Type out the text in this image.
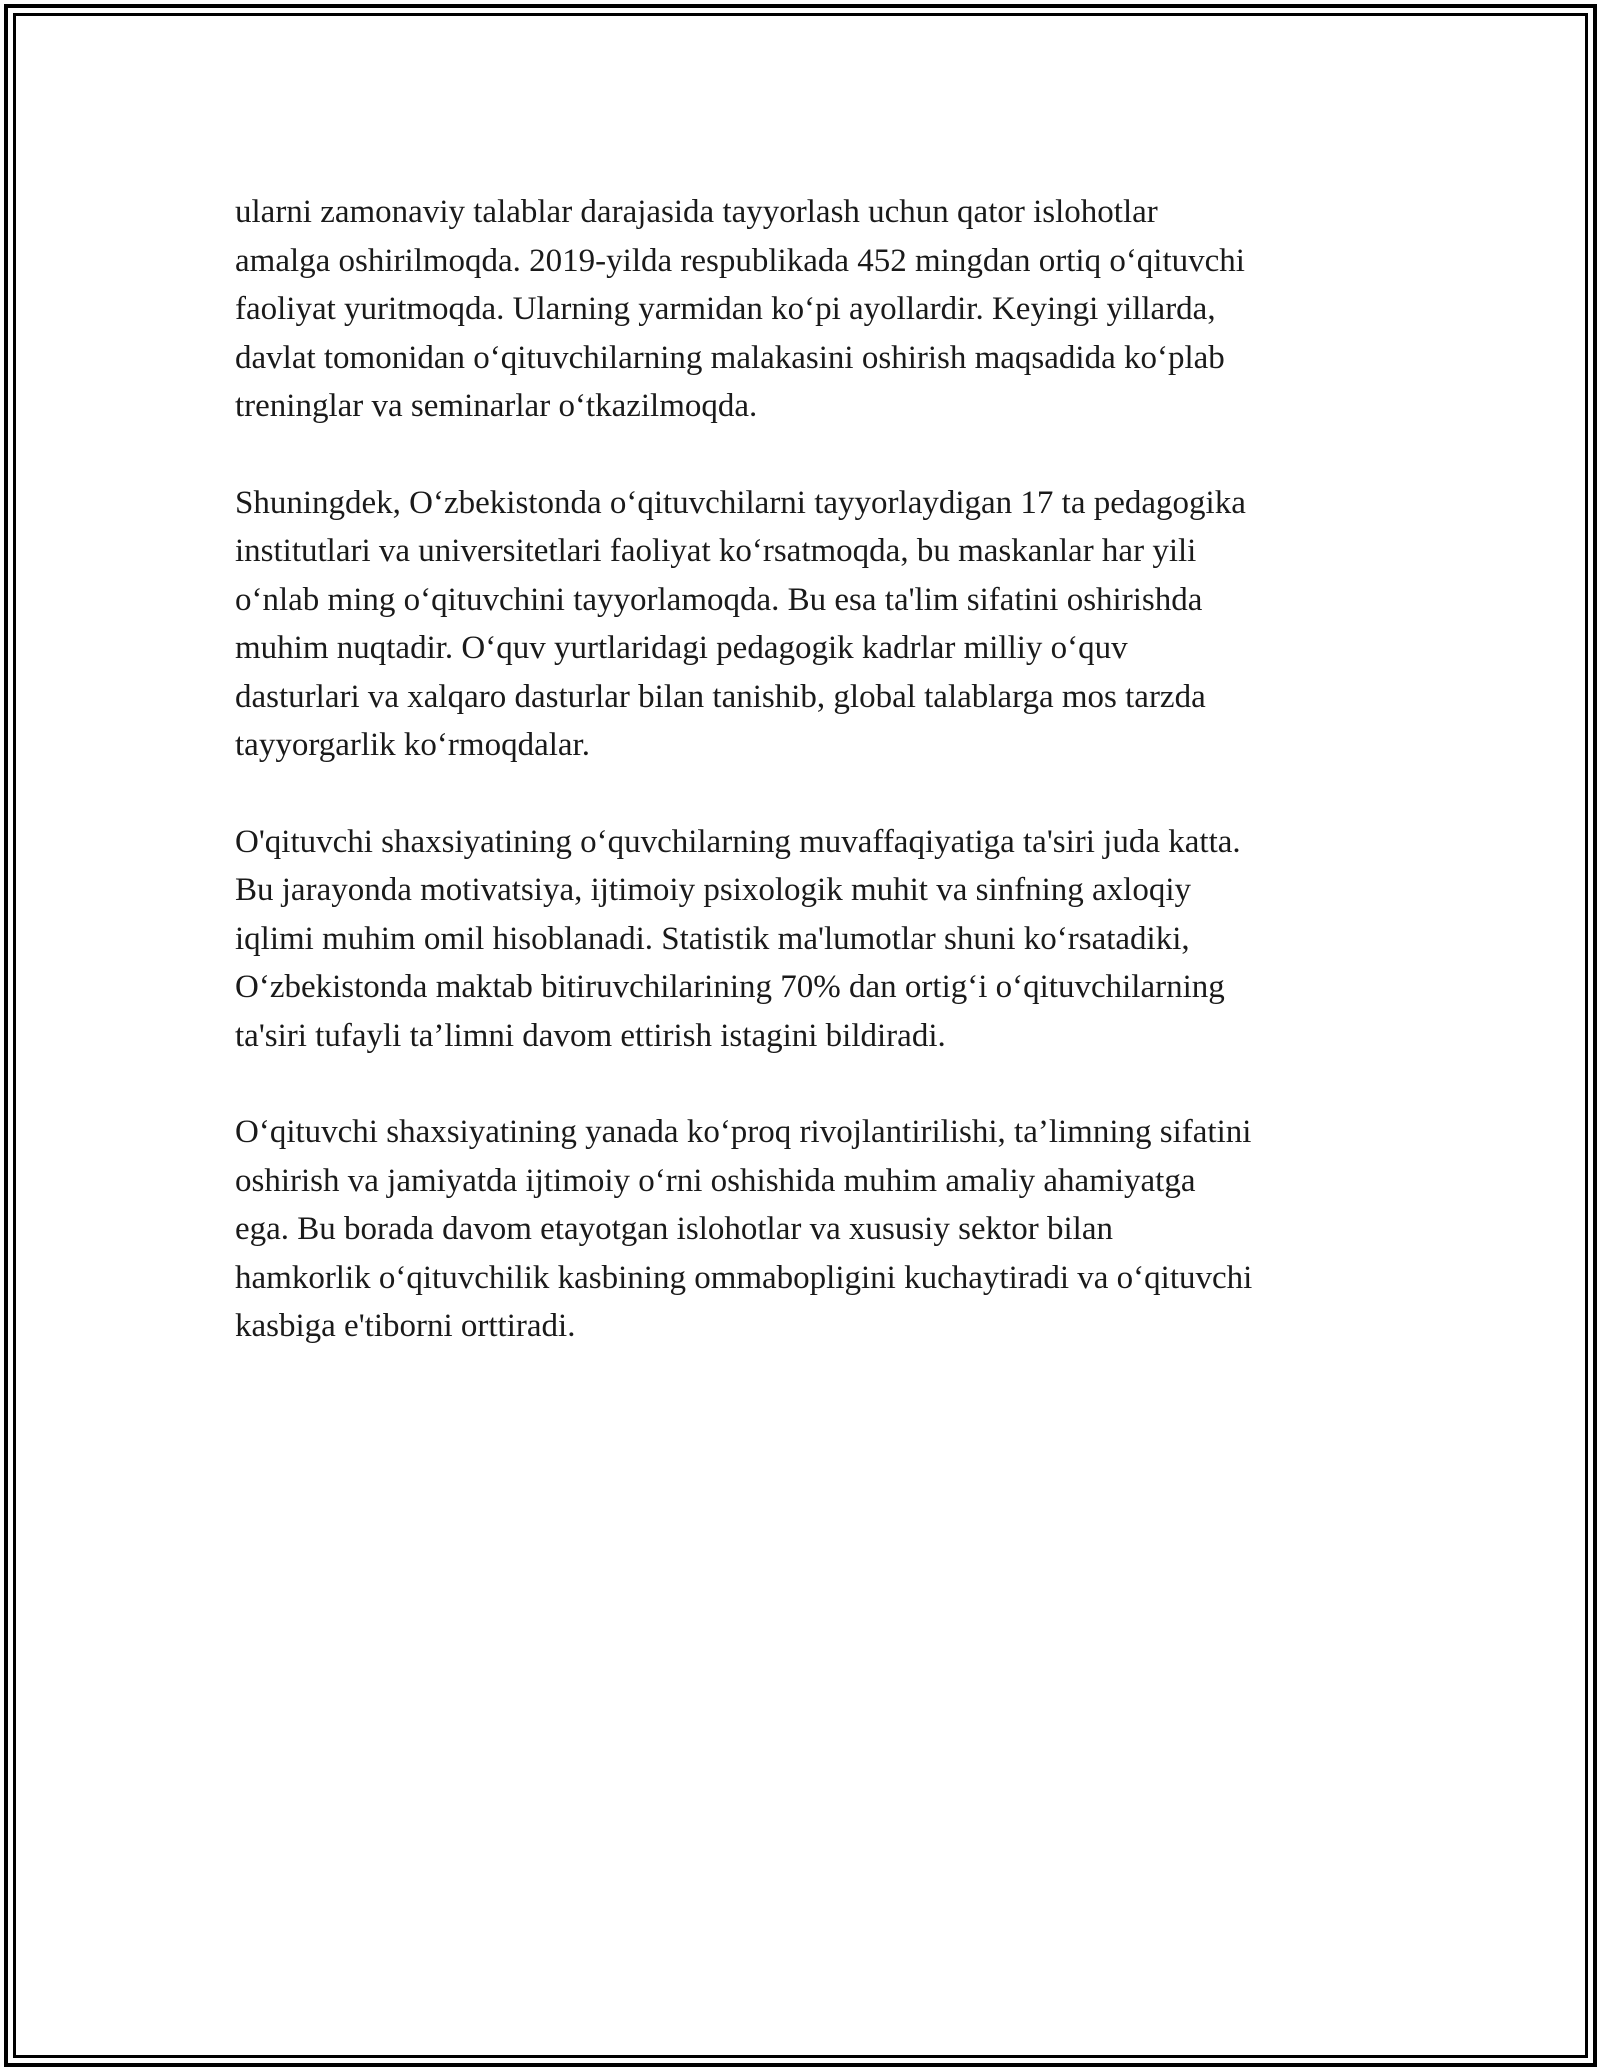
ularni zamonaviy talablar darajasida tayyorlash uchun qator islohotlar
amalga oshirilmoqda. 2019-yilda respublikada 452 mingdan ortiq o‘qituvchi
faoliyat yuritmoqda. Ularning yarmidan ko‘pi ayollardir. Keyingi yillarda,
davlat tomonidan o‘qituvchilarning malakasini oshirish maqsadida ko‘plab
treninglar va seminarlar o‘tkazilmoqda.

Shuningdek, O‘zbekistonda o‘qituvchilarni tayyorlaydigan 17 ta pedagogika
institutlari va universitetlari faoliyat ko‘rsatmoqda, bu maskanlar har yili
o‘nlab ming o‘qituvchini tayyorlamoqda. Bu esa ta'lim sifatini oshirishda
muhim nuqtadir. O‘quv yurtlaridagi pedagogik kadrlar milliy o‘quv
dasturlari va xalqaro dasturlar bilan tanishib, global talablarga mos tarzda
tayyorgarlik ko‘rmoqdalar.

O'qituvchi shaxsiyatining o‘quvchilarning muvaffaqiyatiga ta'siri juda katta.
Bu jarayonda motivatsiya, ijtimoiy psixologik muhit va sinfning axloqiy
iqlimi muhim omil hisoblanadi. Statistik ma'lumotlar shuni ko‘rsatadiki,
O‘zbekistonda maktab bitiruvchilarining 70% dan ortig‘i o‘qituvchilarning
ta'siri tufayli ta’limni davom ettirish istagini bildiradi.

O‘qituvchi shaxsiyatining yanada ko‘proq rivojlantirilishi, ta’limning sifatini
oshirish va jamiyatda ijtimoiy o‘rni oshishida muhim amaliy ahamiyatga
ega. Bu borada davom etayotgan islohotlar va xususiy sektor bilan
hamkorlik o‘qituvchilik kasbining ommabopligini kuchaytiradi va o‘qituvchi
kasbiga e'tiborni orttiradi.
